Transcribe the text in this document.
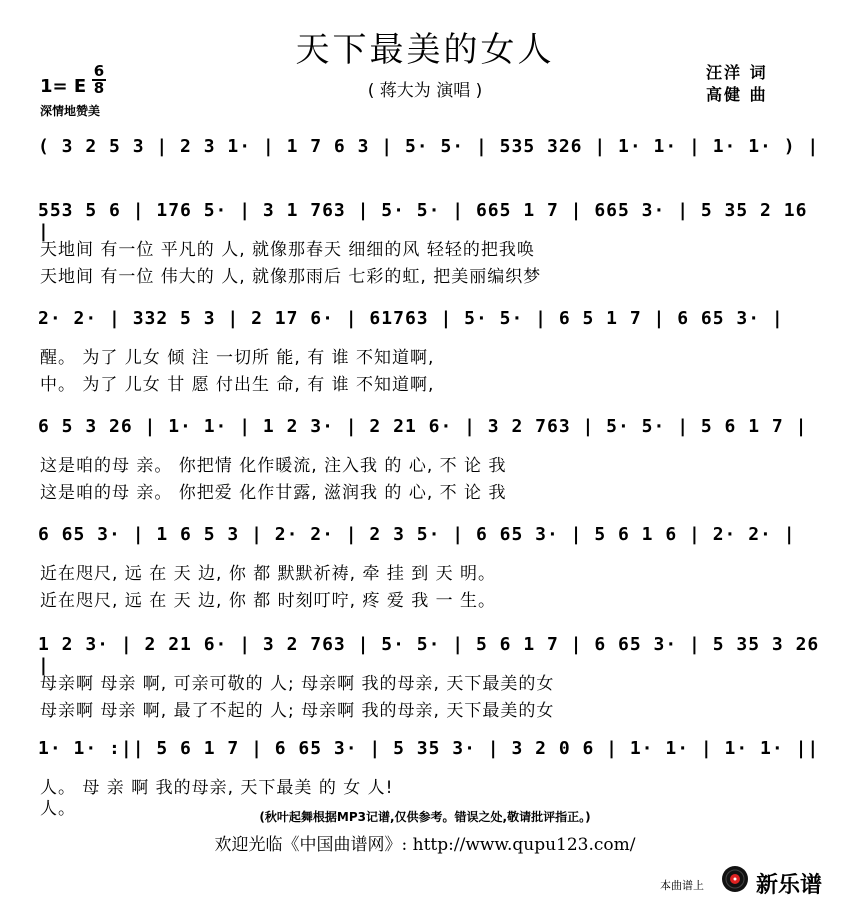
天下最美的女人
( 蒋大为 演唱 )
1= E
6
8
深情地赞美
汪洋 词
高健 曲
( 3 2 5 3 | 2 3 1· | 1 7 6 3 | 5· 5· | 535 326 | 1· 1· | 1· 1· ) |
553 5 6 | 176 5· | 3 1 763 | 5· 5· | 665 1 7 | 665 3· | 5 35 2 16 |
天地间 有一位 平凡的 人, 就像那春天 细细的风 轻轻的把我唤
天地间 有一位 伟大的 人, 就像那雨后 七彩的虹, 把美丽编织梦
2· 2· | 332 5 3 | 2 17 6· | 61763 | 5· 5· | 6 5 1 7 | 6 65 3· |
醒。 为了 儿女 倾 注 一切所 能, 有 谁 不知道啊,
中。 为了 儿女 甘 愿 付出生 命, 有 谁 不知道啊,
6 5 3 26 | 1· 1· | 1 2 3· | 2 21 6· | 3 2 763 | 5· 5· | 5 6 1 7 |
这是咱的母 亲。 你把情 化作暖流, 注入我 的 心, 不 论 我
这是咱的母 亲。 你把爱 化作甘露, 滋润我 的 心, 不 论 我
6 65 3· | 1 6 5 3 | 2· 2· | 2 3 5· | 6 65 3· | 5 6 1 6 | 2· 2· |
近在咫尺, 远 在 天 边, 你 都 默默祈祷, 牵 挂 到 天 明。
近在咫尺, 远 在 天 边, 你 都 时刻叮咛, 疼 爱 我 一 生。
1 2 3· | 2 21 6· | 3 2 763 | 5· 5· | 5 6 1 7 | 6 65 3· | 5 35 3 26 |
母亲啊 母亲 啊, 可亲可敬的 人; 母亲啊 我的母亲, 天下最美的女
母亲啊 母亲 啊, 最了不起的 人; 母亲啊 我的母亲, 天下最美的女
1· 1· :|| 5 6 1 7 | 6 65 3· | 5 35 3· | 3 2 0 6 | 1· 1· | 1· 1· ||
人。 母 亲 啊 我的母亲, 天下最美 的 女 人!
人。	(秋叶起舞根据MP3记谱,仅供参考。错误之处,敬请批评指正。)
欢迎光临《中国曲谱网》: http://www.qupu123.com/
本曲谱上 新乐谱
